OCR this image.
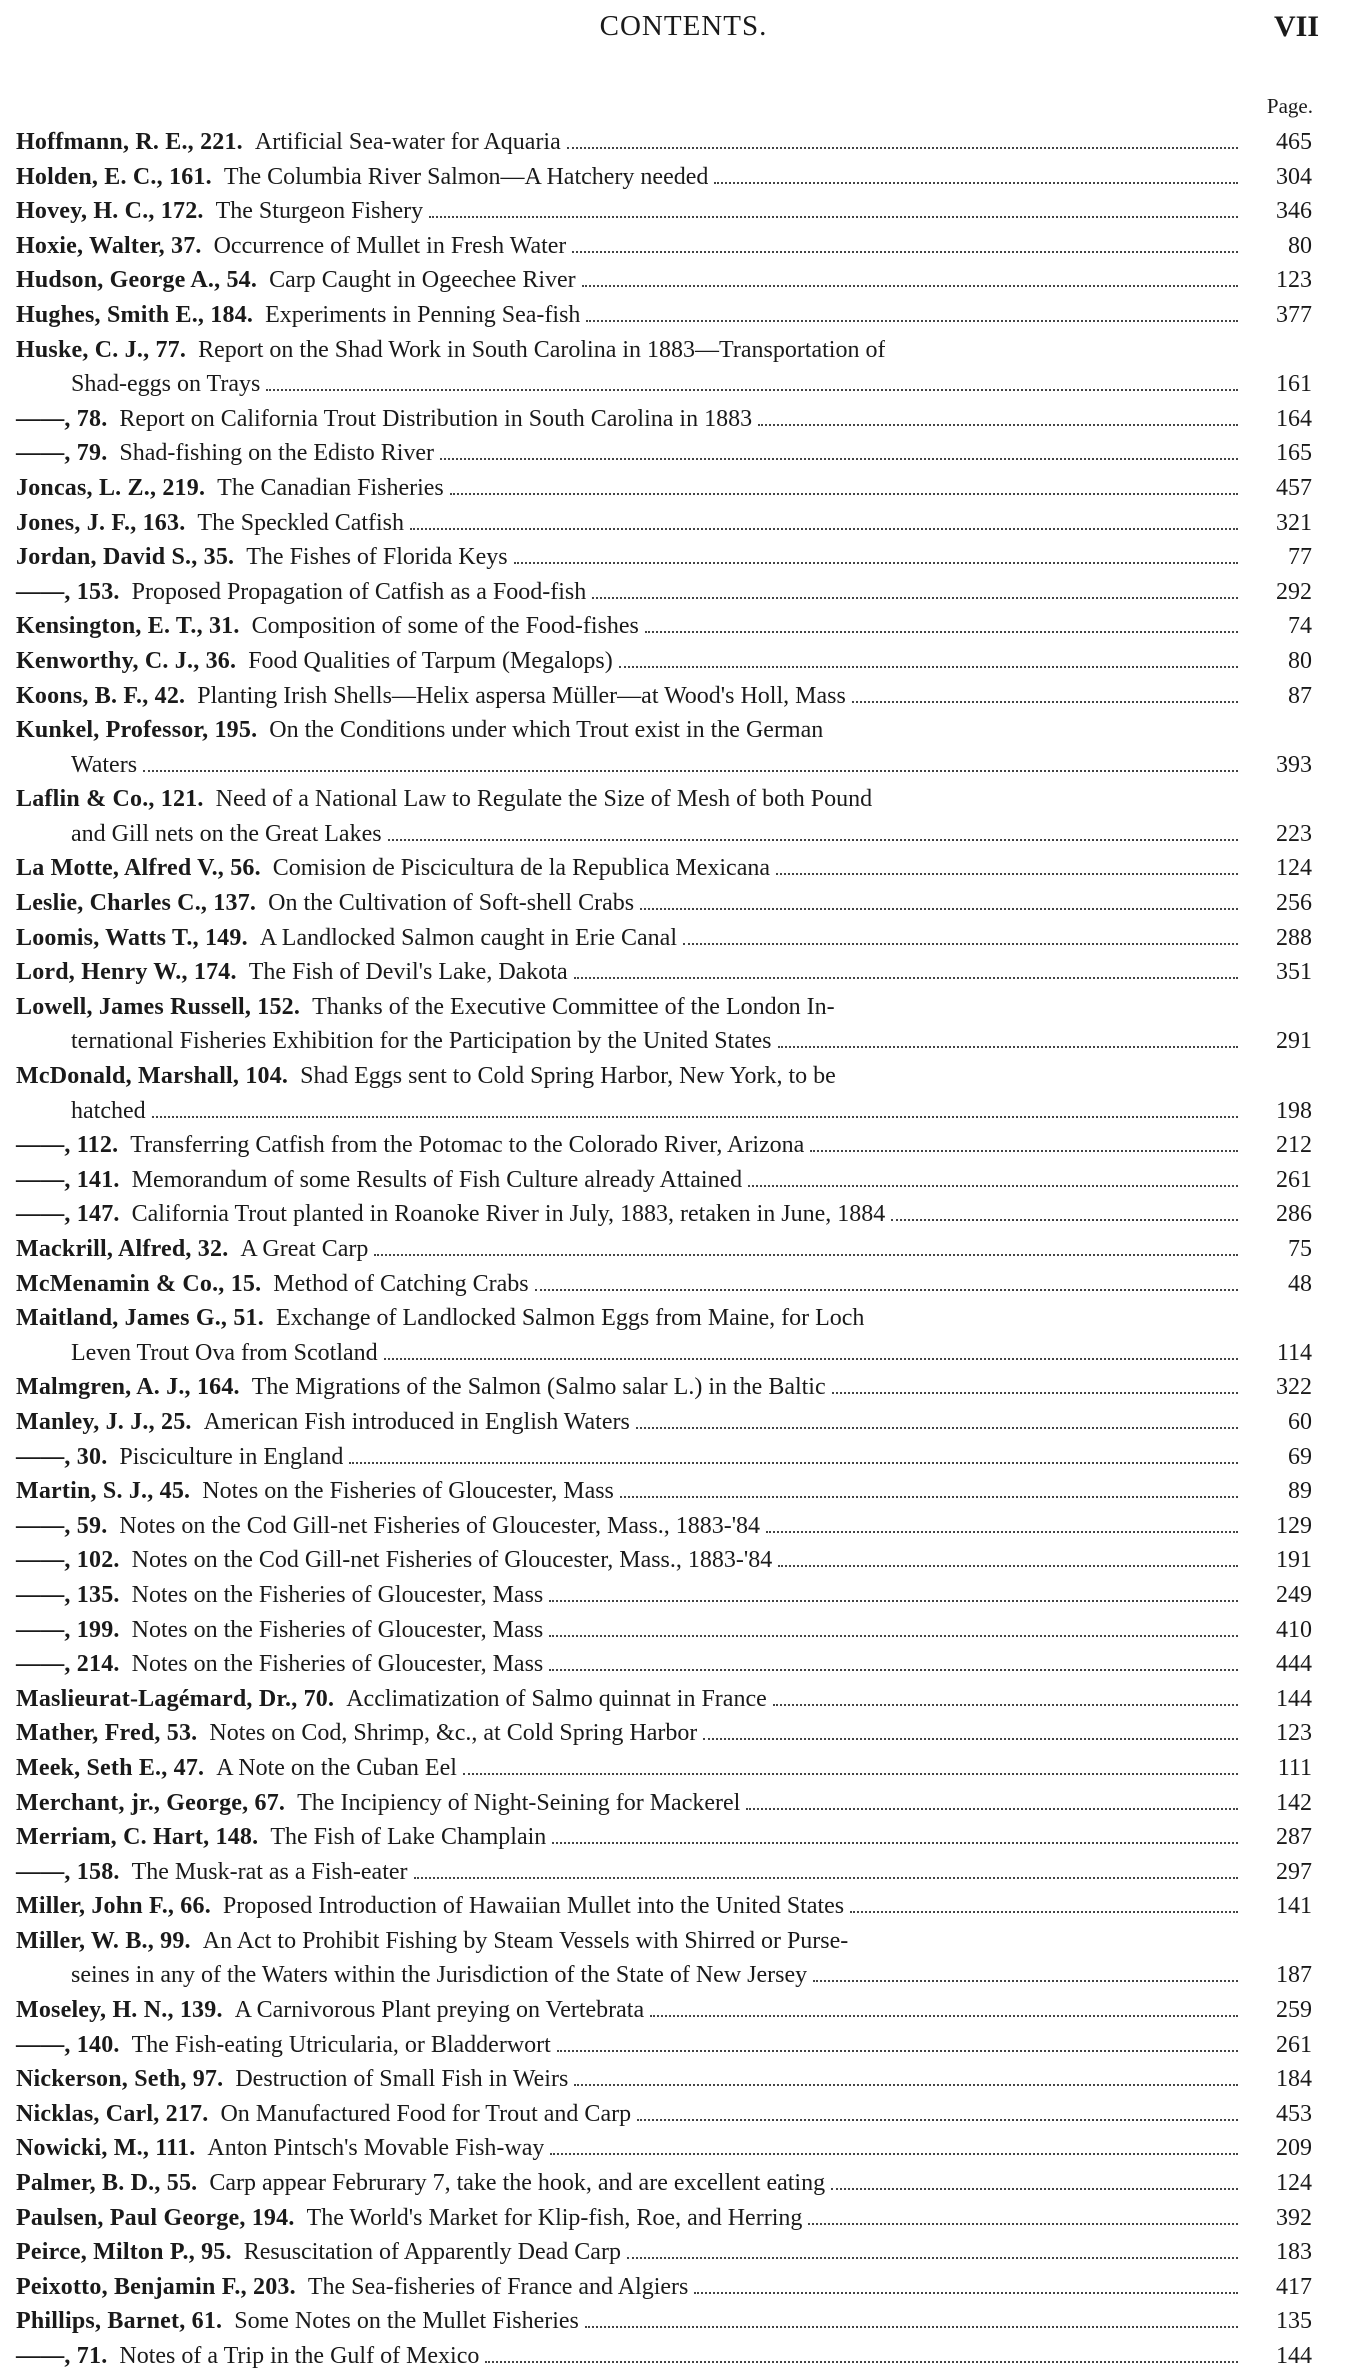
CONTENTS.	VII
Page.
Hoffmann, R. E., 221.
Artificial Sea-water for Aquaria	465
Holden, E. C., 161.
The Columbia River Salmon—A Hatchery needed	304
Hovey, H. C., 172.
The Sturgeon Fishery	346
Hoxie, Walter, 37.
Occurrence of Mullet in Fresh Water	80
Hudson, George A., 54.
Carp Caught in Ogeechee River	123
Hughes, Smith E., 184.
Experiments in Penning Sea-fish	377
Huske, C. J., 77.
Report on the Shad Work in South Carolina in 1883—Transportation of
Shad-eggs on Trays	161
——, 78.
Report on California Trout Distribution in South Carolina in 1883	164
——, 79.
Shad-fishing on the Edisto River	165
Joncas, L. Z., 219.
The Canadian Fisheries	457
Jones, J. F., 163.
The Speckled Catfish	321
Jordan, David S., 35.
The Fishes of Florida Keys	77
——, 153.
Proposed Propagation of Catfish as a Food-fish	292
Kensington, E. T., 31.
Composition of some of the Food-fishes	74
Kenworthy, C. J., 36.
Food Qualities of Tarpum (Megalops)	80
Koons, B. F., 42.
Planting Irish Shells—Helix aspersa Müller—at Wood's Holl, Mass	87
Kunkel, Professor, 195.
On the Conditions under which Trout exist in the German
Waters	393
Laflin & Co., 121.
Need of a National Law to Regulate the Size of Mesh of both Pound
and Gill nets on the Great Lakes	223
La Motte, Alfred V., 56.
Comision de Piscicultura de la Republica Mexicana	124
Leslie, Charles C., 137.
On the Cultivation of Soft-shell Crabs	256
Loomis, Watts T., 149.
A Landlocked Salmon caught in Erie Canal	288
Lord, Henry W., 174.
The Fish of Devil's Lake, Dakota	351
Lowell, James Russell, 152.
Thanks of the Executive Committee of the London In-
ternational Fisheries Exhibition for the Participation by the United States	291
McDonald, Marshall, 104.
Shad Eggs sent to Cold Spring Harbor, New York, to be
hatched	198
——, 112.
Transferring Catfish from the Potomac to the Colorado River, Arizona	212
——, 141.
Memorandum of some Results of Fish Culture already Attained	261
——, 147.
California Trout planted in Roanoke River in July, 1883, retaken in June, 1884	286
Mackrill, Alfred, 32.
A Great Carp	75
McMenamin & Co., 15.
Method of Catching Crabs	48
Maitland, James G., 51.
Exchange of Landlocked Salmon Eggs from Maine, for Loch
Leven Trout Ova from Scotland	114
Malmgren, A. J., 164.
The Migrations of the Salmon (Salmo salar L.) in the Baltic	322
Manley, J. J., 25.
American Fish introduced in English Waters	60
——, 30.
Pisciculture in England	69
Martin, S. J., 45.
Notes on the Fisheries of Gloucester, Mass	89
——, 59.
Notes on the Cod Gill-net Fisheries of Gloucester, Mass., 1883-'84	129
——, 102.
Notes on the Cod Gill-net Fisheries of Gloucester, Mass., 1883-'84	191
——, 135.
Notes on the Fisheries of Gloucester, Mass	249
——, 199.
Notes on the Fisheries of Gloucester, Mass	410
——, 214.
Notes on the Fisheries of Gloucester, Mass	444
Maslieurat-Lagémard, Dr., 70.
Acclimatization of Salmo quinnat in France	144
Mather, Fred, 53.
Notes on Cod, Shrimp, &c., at Cold Spring Harbor	123
Meek, Seth E., 47.
A Note on the Cuban Eel	111
Merchant, jr., George, 67.
The Incipiency of Night-Seining for Mackerel	142
Merriam, C. Hart, 148.
The Fish of Lake Champlain	287
——, 158.
The Musk-rat as a Fish-eater	297
Miller, John F., 66.
Proposed Introduction of Hawaiian Mullet into the United States	141
Miller, W. B., 99.
An Act to Prohibit Fishing by Steam Vessels with Shirred or Purse-
seines in any of the Waters within the Jurisdiction of the State of New Jersey	187
Moseley, H. N., 139.
A Carnivorous Plant preying on Vertebrata	259
——, 140.
The Fish-eating Utricularia, or Bladderwort	261
Nickerson, Seth, 97.
Destruction of Small Fish in Weirs	184
Nicklas, Carl, 217.
On Manufactured Food for Trout and Carp	453
Nowicki, M., 111.
Anton Pintsch's Movable Fish-way	209
Palmer, B. D., 55.
Carp appear Februrary 7, take the hook, and are excellent eating	124
Paulsen, Paul George, 194.
The World's Market for Klip-fish, Roe, and Herring	392
Peirce, Milton P., 95.
Resuscitation of Apparently Dead Carp	183
Peixotto, Benjamin F., 203.
The Sea-fisheries of France and Algiers	417
Phillips, Barnet, 61.
Some Notes on the Mullet Fisheries	135
——, 71.
Notes of a Trip in the Gulf of Mexico	144
